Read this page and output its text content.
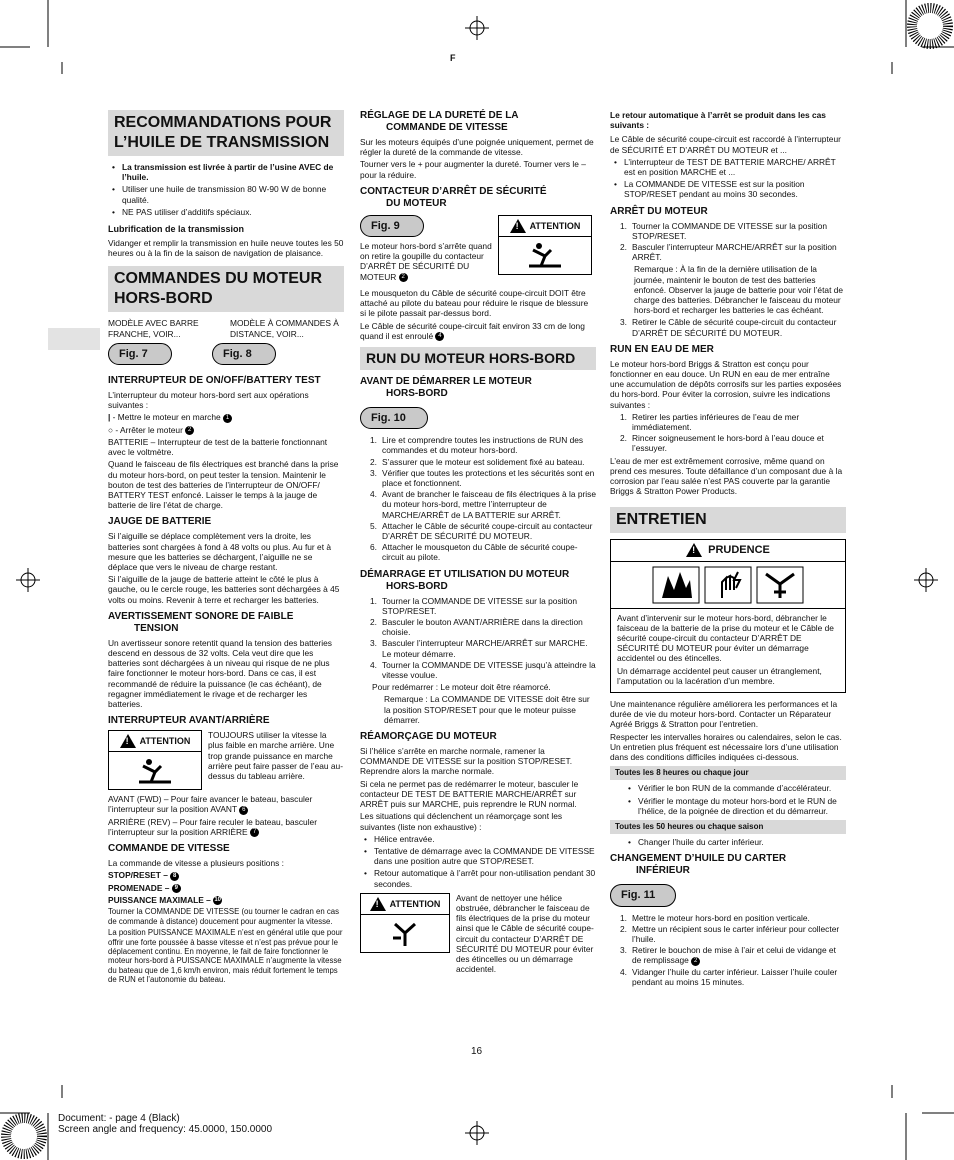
F
16
RECOMMANDATIONS POUR L’HUILE DE TRANSMISSION
• La transmission est livrée à partir de l’usine AVEC de l’huile.
• Utiliser une huile de transmission 80 W-90 W de bonne qualité.
• NE PAS utiliser d’additifs spéciaux.
Lubrification de la transmission

Vidanger et remplir la transmission en huile neuve toutes les 50 heures ou à la fin de la saison de navigation de plaisance.

COMMANDES DU MOTEUR HORS-BORD
MODÈLE AVEC BARRE FRANCHE, VOIR...
MODÈLE À COMMANDES À DISTANCE, VOIR...
Fig. 7	Fig. 8
INTERRUPTEUR DE ON/OFF/BATTERY TEST

L’interrupteur du moteur hors-bord sert aux opérations suivantes :

| - Mettre le moteur en marche 1

○ - Arrêter le moteur 2

BATTERIE – Interrupteur de test de la batterie fonctionnant avec le voltmètre.

Quand le faisceau de fils électriques est branché dans la prise du moteur hors-bord, on peut tester la tension. Maintenir le bouton de test des batteries de l’interrupteur de ON/OFF/ BATTERY TEST enfoncé. Laisser le temps à la jauge de batterie de lire l’état de charge.

JAUGE DE BATTERIE

Si l’aiguille se déplace complètement vers la droite, les batteries sont chargées à fond à 48 volts ou plus. Au fur et à mesure que les batteries se déchargent, l’aiguille ne se déplace que vers le niveau de charge restant.

Si l’aiguille de la jauge de batterie atteint le côté le plus à gauche, ou le cercle rouge, les batteries sont déchargées à 45 volts ou moins. Revenir à terre et recharger les batteries.

AVERTISSEMENT SONORE DE FAIBLE
TENSION

Un avertisseur sonore retentit quand la tension des batteries descend en dessous de 32 volts. Cela veut dire que les batteries sont déchargées à un niveau qui risque de ne plus faire fonctionner le moteur hors-bord. Dans ce cas, il est recommandé de réduire la puissance (le cas échéant), de regagner immédiatement le rivage et de recharger les batteries.

INTERRUPTEUR AVANT/ARRIÈRE
! ATTENTION

TOUJOURS utiliser la vitesse la plus faible en marche arrière. Une trop grande puissance en marche arrière peut faire passer de l’eau au-dessus du tableau arrière.

AVANT (FWD) – Pour faire avancer le bateau, basculer l’interrupteur sur la position AVANT 6

ARRIÈRE (REV) – Pour faire reculer le bateau, basculer l’interrupteur sur la position ARRIÈRE 7

COMMANDE DE VITESSE

La commande de vitesse a plusieurs positions :

STOP/RESET – 8

PROMENADE – 9

PUISSANCE MAXIMALE – 10

Tourner la COMMANDE DE VITESSE (ou tourner le cadran en cas de commande à distance) doucement pour augmenter la vitesse.

La position PUISSANCE MAXIMALE n’est en général utile que pour offrir une forte poussée à basse vitesse et n’est pas prévue pour le déplacement continu. En moyenne, le fait de faire fonctionner le moteur hors-bord à PUISSANCE MAXIMALE n’augmente la vitesse du bateau que de 1,6 km/h environ, mais réduit fortement le temps de RUN et l’autonomie du bateau.

RÉGLAGE DE LA DURETÉ DE LA
COMMANDE DE VITESSE

Sur les moteurs équipés d’une poignée uniquement, permet de régler la dureté de la commande de vitesse.

Tourner vers le + pour augmenter la dureté. Tourner vers le – pour la réduire.

CONTACTEUR D’ARRÊT DE SÉCURITÉ
DU MOTEUR
Fig. 9

Le moteur hors-bord s’arrête quand on retire la goupille du contacteur D’ARRÊT DE SÉCURITÉ DU MOTEUR 2

! ATTENTION

Le mousqueton du Câble de sécurité coupe-circuit DOIT être attaché au pilote du bateau pour réduire le risque de blessure si le pilote passait par-dessus bord.

Le Câble de sécurité coupe-circuit fait environ 33 cm de long quand il est enroulé 4

RUN DU MOTEUR HORS-BORD
AVANT DE DÉMARRER LE MOTEUR
HORS-BORD
Fig. 10
1. Lire et comprendre toutes les instructions de RUN des commandes et du moteur hors-bord.
2. S’assurer que le moteur est solidement fixé au bateau.
3. Vérifier que toutes les protections et les sécurités sont en place et fonctionnent.
4. Avant de brancher le faisceau de fils électriques à la prise du moteur hors-bord, mettre l’interrupteur de MARCHE/ARRÊT de LA BATTERIE sur ARRÊT.
5. Attacher le Câble de sécurité coupe-circuit au contacteur D’ARRÊT DE SÉCURITÉ DU MOTEUR.
6. Attacher le mousqueton du Câble de sécurité coupe-circuit au pilote.
DÉMARRAGE ET UTILISATION DU MOTEUR
HORS-BORD
1. Tourner la COMMANDE DE VITESSE sur la position STOP/RESET.
2. Basculer le bouton AVANT/ARRIÈRE dans la direction choisie.
3. Basculer l’interrupteur MARCHE/ARRÊT sur MARCHE. Le moteur démarre.
4. Tourner la COMMANDE DE VITESSE jusqu’à atteindre la vitesse voulue.

Pour redémarrer : Le moteur doit être réamorcé.

Remarque : La COMMANDE DE VITESSE doit être sur la position STOP/RESET pour que le moteur puisse démarrer.

RÉAMORÇAGE DU MOTEUR

Si l’hélice s’arrête en marche normale, ramener la COMMANDE DE VITESSE sur la position STOP/RESET. Reprendre alors la marche normale.

Si cela ne permet pas de redémarrer le moteur, basculer le contacteur DE TEST DE BATTERIE MARCHE/ARRÊT sur ARRÊT puis sur MARCHE, puis reprendre le RUN normal.

Les situations qui déclenchent un réamorçage sont les suivantes (liste non exhaustive) :

• Hélice entravée.
• Tentative de démarrage avec la COMMANDE DE VITESSE dans une position autre que STOP/RESET.
• Retour automatique à l’arrêt pour non-utilisation pendant 30 secondes.
! ATTENTION

Avant de nettoyer une hélice obstruée, débrancher le faisceau de fils électriques de la prise du moteur ainsi que le Câble de sécurité coupe-circuit du contacteur D’ARRÊT DE SÉCURITÉ DU MOTEUR pour éviter des étincelles ou un démarrage accidentel.

Le retour automatique à l’arrêt se produit dans les cas suivants :

Le Câble de sécurité coupe-circuit est raccordé à l’interrupteur de SÉCURITÉ ET D’ARRÊT DU MOTEUR et ...

• L’interrupteur de TEST DE BATTERIE MARCHE/ ARRÊT est en position MARCHE et ...
• La COMMANDE DE VITESSE est sur la position STOP/RESET pendant au moins 30 secondes.
ARRÊT DU MOTEUR
1. Tourner la COMMANDE DE VITESSE sur la position STOP/RESET.
2. Basculer l’interrupteur MARCHE/ARRÊT sur la position ARRÊT.

Remarque : À la fin de la dernière utilisation de la journée, maintenir le bouton de test des batteries enfoncé. Observer la jauge de batterie pour voir l’état de charge des batteries. Débrancher le faisceau du moteur hors-bord et recharger les batteries le cas échéant.

3. Retirer le Câble de sécurité coupe-circuit du contacteur D’ARRÊT DE SÉCURITÉ DU MOTEUR.
RUN EN EAU DE MER

Le moteur hors-bord Briggs & Stratton est conçu pour fonctionner en eau douce. Un RUN en eau de mer entraîne une accumulation de dépôts corrosifs sur les parties exposées du hors-bord. Pour éviter la corrosion, suivre les indications suivantes :

1. Retirer les parties inférieures de l’eau de mer immédiatement.
2. Rincer soigneusement le hors-bord à l’eau douce et l’essuyer.

L’eau de mer est extrêmement corrosive, même quand on prend ces mesures. Toute défaillance d’un composant due à la corrosion par l’eau salée n’est PAS couverte par la garantie Briggs & Stratton Power Products.

ENTRETIEN
! PRUDENCE

Avant d’intervenir sur le moteur hors-bord, débrancher le faisceau de la batterie de la prise du moteur et le Câble de sécurité coupe-circuit du contacteur D’ARRÊT DE SÉCURITÉ DU MOTEUR pour éviter un démarrage accidentel ou des étincelles.

Un démarrage accidentel peut causer un étranglement, l’amputation ou la lacération d’un membre.

Une maintenance régulière améliorera les performances et la durée de vie du moteur hors-bord. Contacter un Réparateur Agréé Briggs & Stratton pour l’entretien.

Respecter les intervalles horaires ou calendaires, selon le cas. Un entretien plus fréquent est nécessaire lors d’une utilisation dans des conditions difficiles indiquées ci-dessous.

Toutes les 8 heures ou chaque jour
• Vérifier le bon RUN de la commande d’accélérateur.
• Vérifier le montage du moteur hors-bord et le RUN de l’hélice, de la poignée de direction et du démarreur.
Toutes les 50 heures ou chaque saison
• Changer l’huile du carter inférieur.
CHANGEMENT D’HUILE DU CARTER
INFÉRIEUR
Fig. 11
1. Mettre le moteur hors-bord en position verticale.
2. Mettre un récipient sous le carter inférieur pour collecter l’huile.
3. Retirer le bouchon de mise à l’air et celui de vidange et de remplissage 2
4. Vidanger l’huile du carter inférieur. Laisser l’huile couler pendant au moins 15 minutes.
Document: - page 4 (Black)
Screen angle and frequency: 45.0000, 150.0000
